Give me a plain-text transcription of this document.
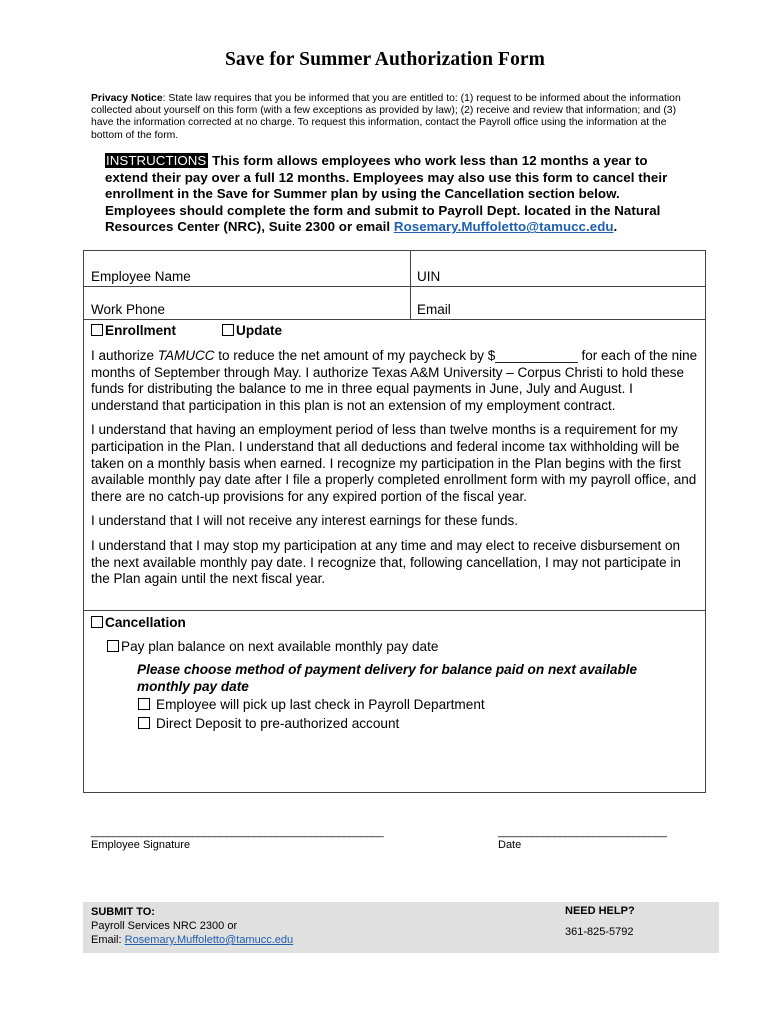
Save for Summer Authorization Form
Privacy Notice: State law requires that you be informed that you are entitled to: (1) request to be informed about the information collected about yourself on this form (with a few exceptions as provided by law); (2) receive and review that information; and (3) have the information corrected at no charge. To request this information, contact the Payroll office using the information at the bottom of the form.
INSTRUCTIONS This form allows employees who work less than 12 months a year to extend their pay over a full 12 months. Employees may also use this form to cancel their enrollment in the Save for Summer plan by using the Cancellation section below. Employees should complete the form and submit to Payroll Dept. located in the Natural Resources Center (NRC), Suite 2300 or email Rosemary.Muffoletto@tamucc.edu.
Employee Name	UIN
Work Phone	Email
Enrollment	Update

I authorize TAMUCC to reduce the net amount of my paycheck by $___________ for each of the nine months of September through May. I authorize Texas A&M University – Corpus Christi to hold these funds for distributing the balance to me in three equal payments in June, July and August. I understand that participation in this plan is not an extension of my employment contract.

I understand that having an employment period of less than twelve months is a requirement for my participation in the Plan. I understand that all deductions and federal income tax withholding will be taken on a monthly basis when earned. I recognize my participation in the Plan begins with the first available monthly pay date after I file a properly completed enrollment form with my payroll office, and there are no catch-up provisions for any expired portion of the fiscal year.

I understand that I will not receive any interest earnings for these funds.

I understand that I may stop my participation at any time and may elect to receive disbursement on the next available monthly pay date. I recognize that, following cancellation, I may not participate in the Plan again until the next fiscal year.

Cancellation
Pay plan balance on next available monthly pay date
Please choose method of payment delivery for balance paid on next available monthly pay date
Employee will pick up last check in Payroll Department
Direct Deposit to pre-authorized account
____________________________________________________
Employee Signature
______________________________
Date
SUBMIT TO:
Payroll Services NRC 2300 or
Email: Rosemary.Muffoletto@tamucc.edu
NEED HELP?
361-825-5792
